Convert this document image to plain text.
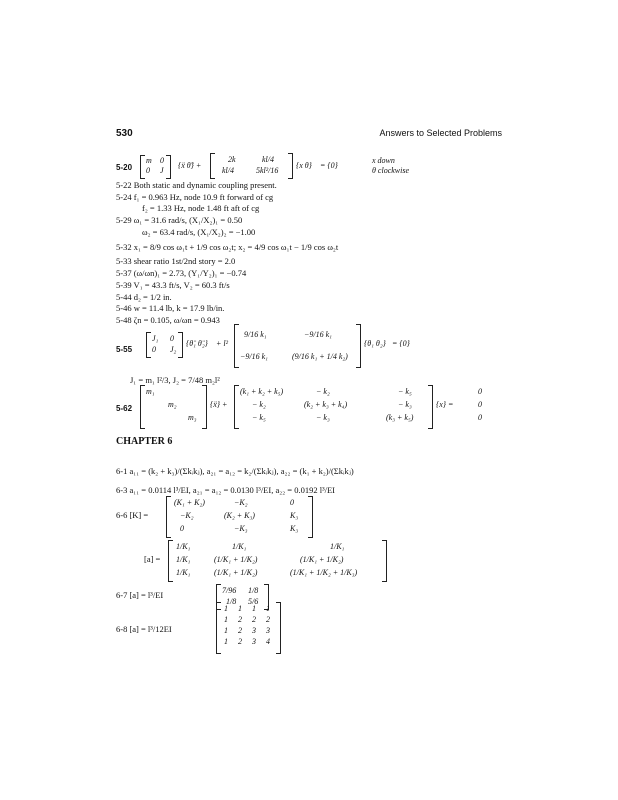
530	Answers to Selected Problems
5-20
m 0
0 J
{ẍ θ̈} +
2k	kl/4
kl/4	5kl²/16
{x θ} = {0}
x down
θ clockwise
5-22 Both static and dynamic coupling present.
5-24 f₁ = 0.963 Hz, node 10.9 ft forward of cg
f₂ = 1.33 Hz, node 1.48 ft aft of cg
5-29 ω₁ = 31.6 rad/s, (X₁/X₂)₁ = 0.50
ω₂ = 63.4 rad/s, (X₁/X₂)₂ = −1.00
5-32 x₁ = 8/9 cos ω₁t + 1/9 cos ω₂t; x₂ = 4/9 cos ω₁t − 1/9 cos ω₂t
5-33 shear ratio 1st/2nd story = 2.0
5-37 (ω/ωn)₁ = 2.73, (Y₁/Y₂)₁ = −0.74
5-39 V₁ = 43.3 ft/s, V₂ = 60.3 ft/s
5-44 d₂ = 1/2 in.
5-46 w = 11.4 lb, k = 17.9 lb/in.
5-48 ζn = 0.105, ω/ωn = 0.943
5-55
J₁ 0
0 J₂
{θ̈₁ θ̈₂} + l²
9/16 k₁	−9/16 k₁
−9/16 k₁	(9/16 k₁ + 1/4 k₂)
{θ₁ θ₂} = {0}
J₁ = m₁ l²/3, J₂ = 7/48 m₂l²
5-62
m₁
m₂
m₃
{ẍ} +
(k₁ + k₂ + k₅)	− k₂	− k₅
− k₂	(k₂ + k₃ + k₄)	− k₃
− k₅	− k₃	(k₃ + k₅)
{x} =
0
0
0
CHAPTER 6
6-1 a₁₁ = (k₂ + k₃)/(Σkᵢkⱼ), a₂₁ = a₁₂ = k₂/(Σkᵢkⱼ), a₂₂ = (k₁ + k₂)/(Σkᵢkⱼ)
6-3 a₁₁ = 0.0114 l³/EI, a₂₁ = a₁₂ = 0.0130 l³/EI, a₂₂ = 0.0192 l³/EI
6-6 [K] =
(K₁ + K₂)	−K₂	0
−K₂	(K₂ + K₃)	K₃
0	−K₃	K₃
[a] =
1/K₁	1/K₁	1/K₁
1/K₁	(1/K₁ + 1/K₂)	(1/K₁ + 1/K₂)
1/K₁	(1/K₁ + 1/K₂)	(1/K₁ + 1/K₂ + 1/K₃)
6-7 [a] = l³/EI	7/96 1/8
1/8 5/6
6-8 [a] = l³/12EI
1 1 1 1
1 2 2 2
1 2 3 3
1 2 3 4
